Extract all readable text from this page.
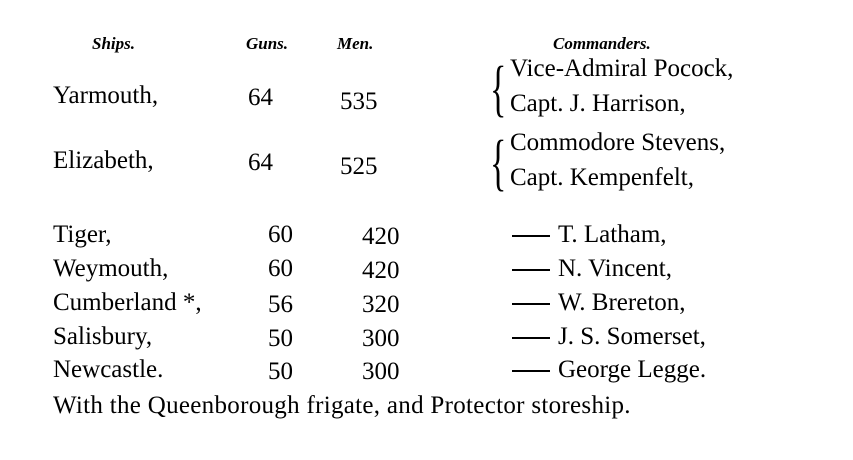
Ships.	Guns.	Men.	Commanders.
Yarmouth,	64	535 { Vice-Admiral Pocock,
Capt. J. Harrison,
Elizabeth,	64	525 { Commodore Stevens,
Capt. Kempenfelt,
Tiger,	60	420	T. Latham,
Weymouth,	60	420	N. Vincent,
Cumberland *,	56	320	W. Brereton,
Salisbury,	50	300	J. S. Somerset,
Newcastle.	50	300	George Legge.
With the Queenborough frigate, and Protector storeship.
